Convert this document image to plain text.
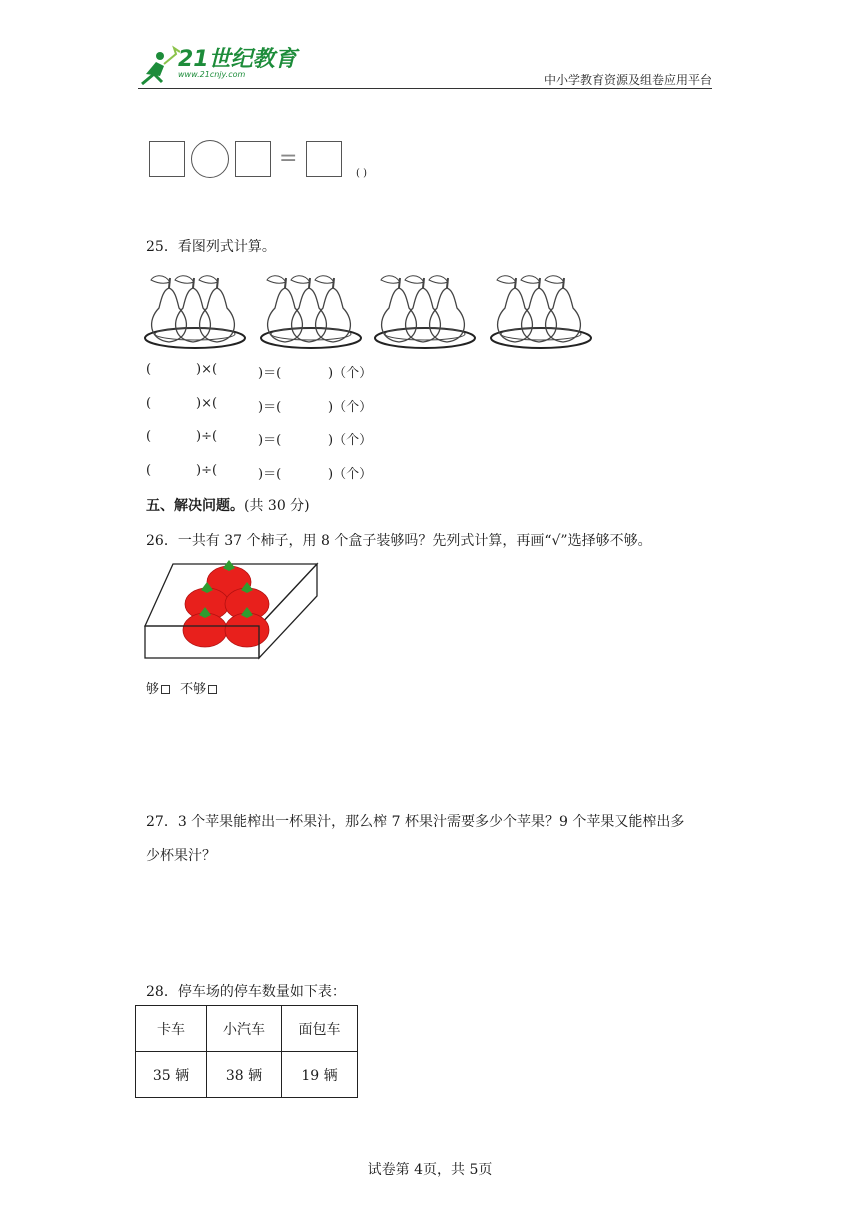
21世纪教育
www.21cnjy.com	中小学教育资源及组卷应用平台
=
( )
25．看图列式计算。
(	)×(	)＝(	)（个）
(	)×(	)＝(	)（个）
(	)÷(	)＝(	)（个）
(	)÷(	)＝(	)（个）
五、解决问题。(共 30 分)
26．一共有 37 个柿子，用 8 个盒子装够吗？先列式计算，再画“√”选择够不够。
够 不够
27．3 个苹果能榨出一杯果汁，那么榨 7 杯果汁需要多少个苹果？9 个苹果又能榨出多
少杯果汁？
28．停车场的停车数量如下表：
卡车	小汽车	面包车
35 辆	38 辆	19 辆
试卷第 4页，共 5页
